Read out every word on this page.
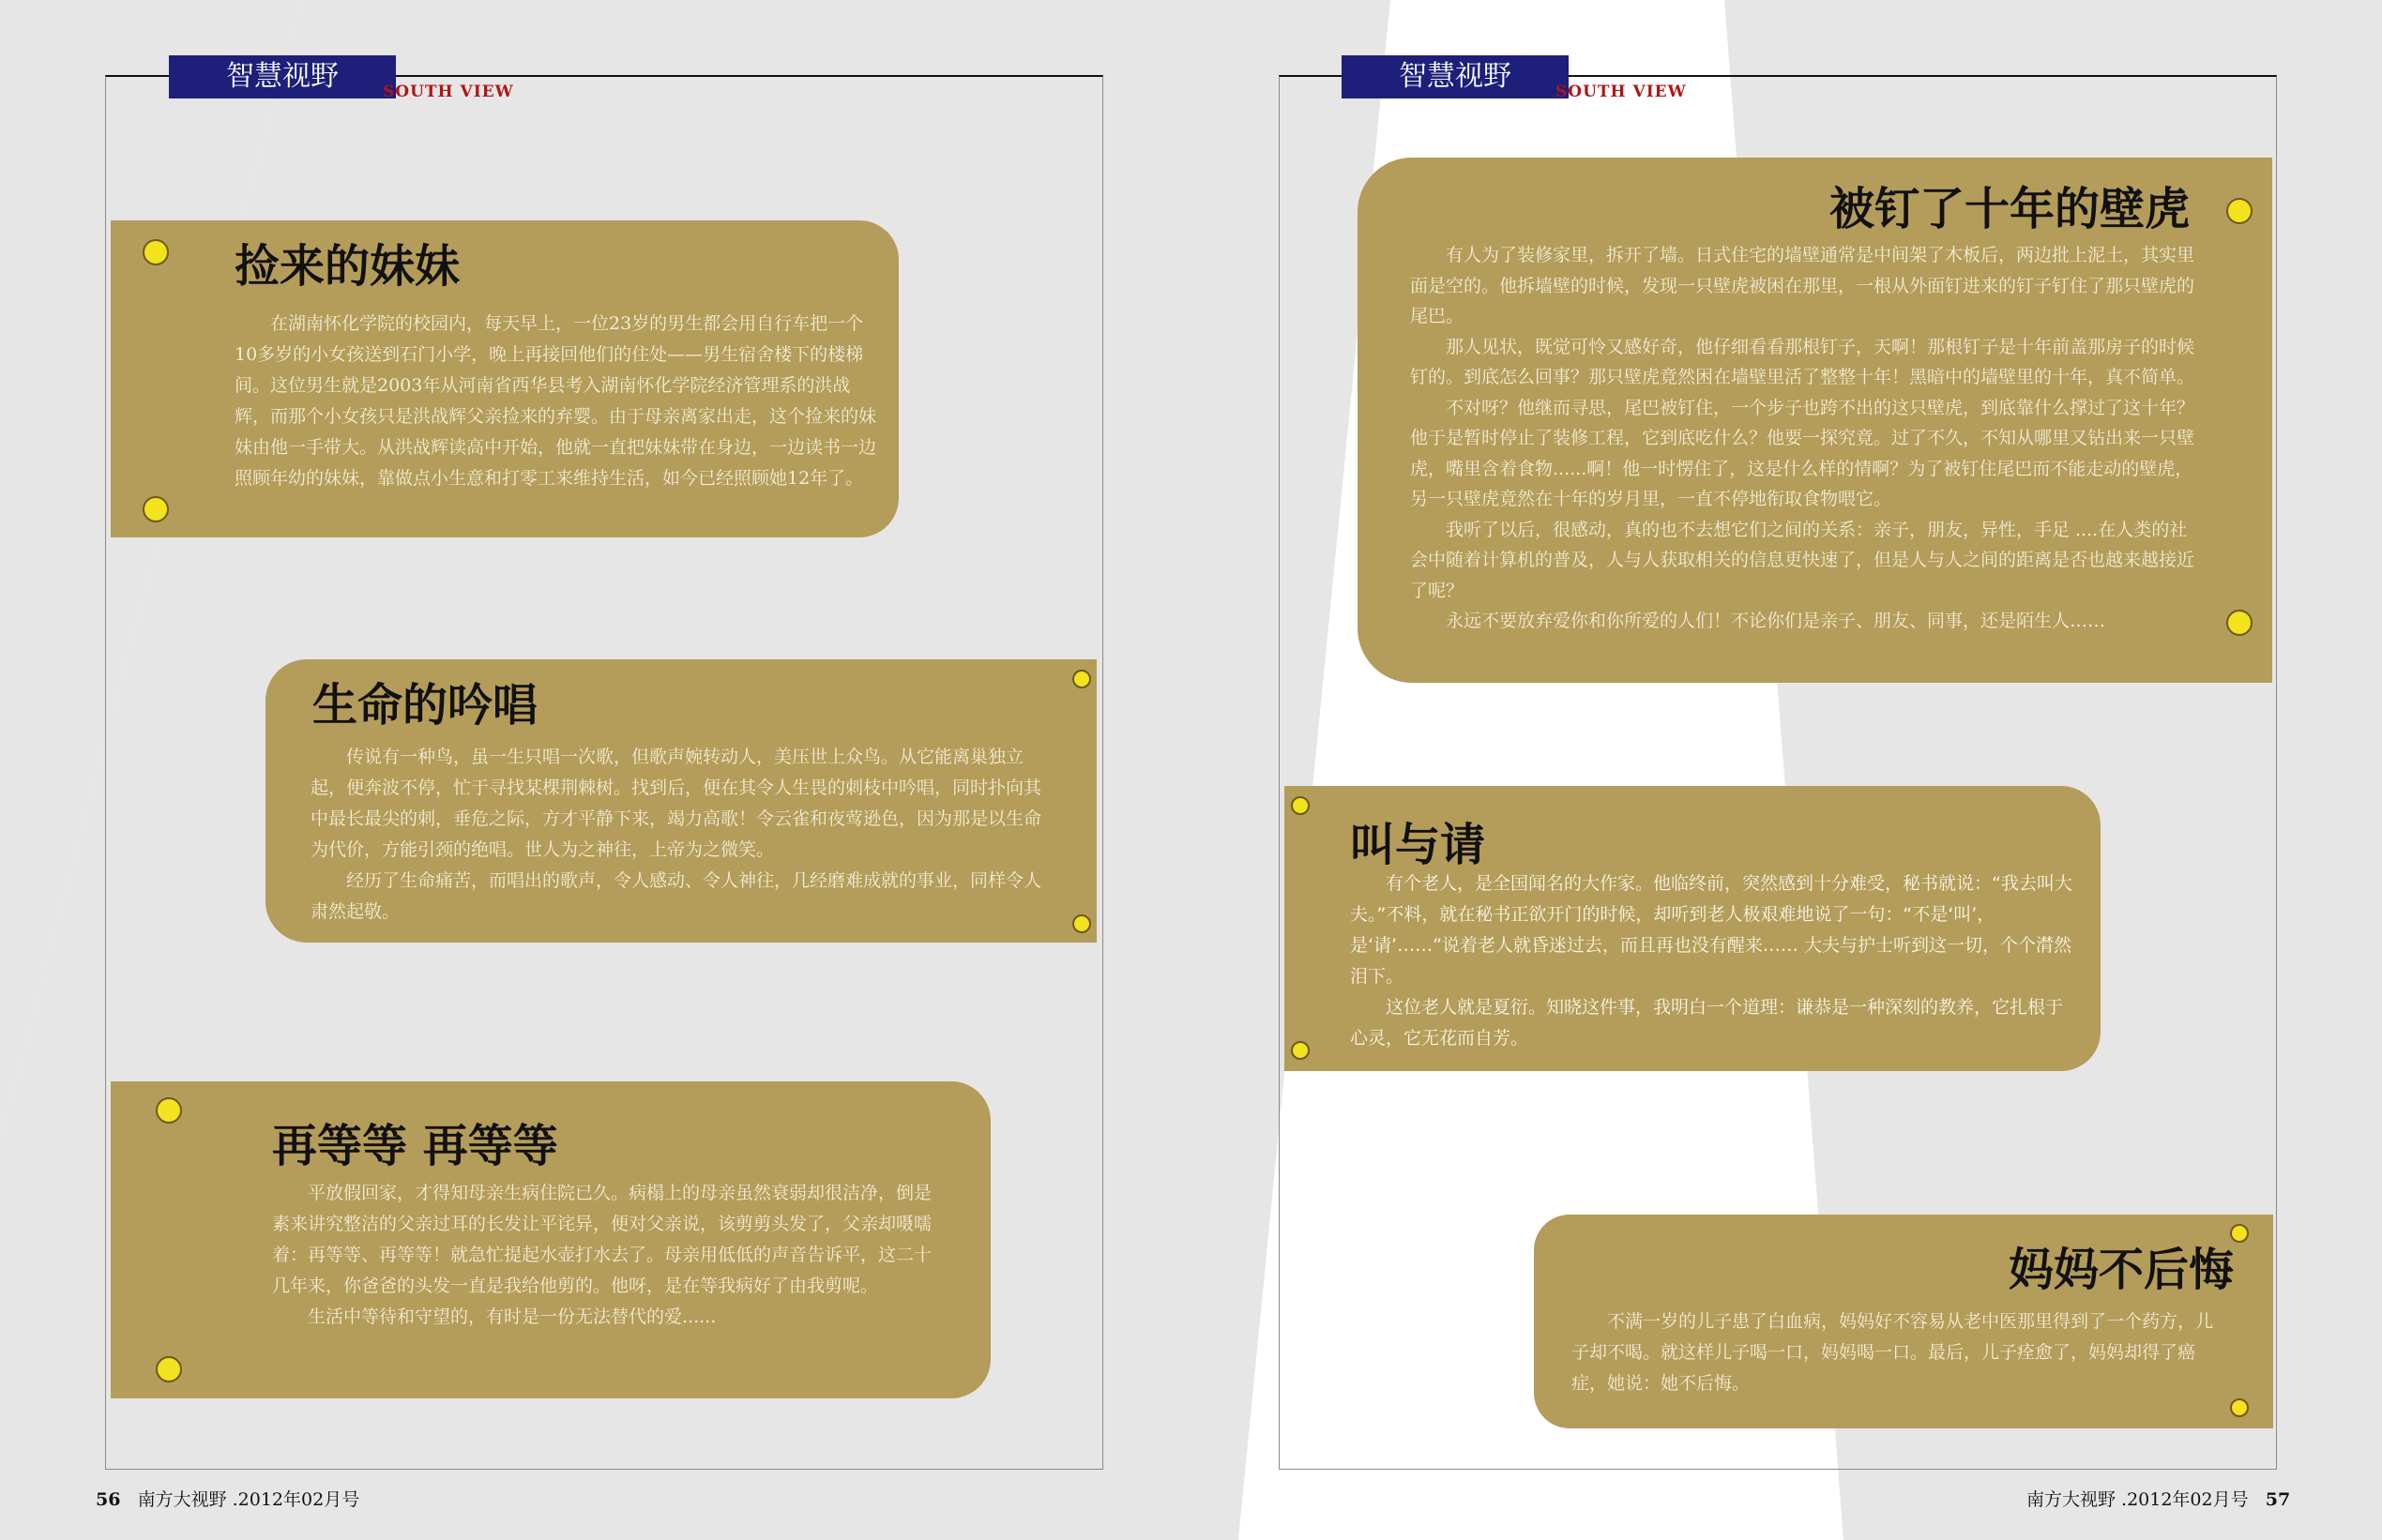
智慧视野	SOUTH VIEW
捡来的妹妹

在湖南怀化学院的校园内，每天早上，一位23岁的男生都会用自行车把一个10多岁的小女孩送到石门小学，晚上再接回他们的住处——男生宿舍楼下的楼梯间。这位男生就是2003年从河南省西华县考入湖南怀化学院经济管理系的洪战辉，而那个小女孩只是洪战辉父亲捡来的弃婴。由于母亲离家出走，这个捡来的妹妹由他一手带大。从洪战辉读高中开始，他就一直把妹妹带在身边，一边读书一边照顾年幼的妹妹，靠做点小生意和打零工来维持生活，如今已经照顾她12年了。

生命的吟唱

传说有一种鸟，虽一生只唱一次歌，但歌声婉转动人，美压世上众鸟。从它能离巢独立起，便奔波不停，忙于寻找某棵荆棘树。找到后，便在其令人生畏的刺枝中吟唱，同时扑向其中最长最尖的刺，垂危之际，方才平静下来，竭力高歌！令云雀和夜莺逊色，因为那是以生命为代价，方能引颈的绝唱。世人为之神往，上帝为之微笑。

经历了生命痛苦，而唱出的歌声，令人感动、令人神往，几经磨难成就的事业，同样令人肃然起敬。

再等等 再等等

平放假回家，才得知母亲生病住院已久。病榻上的母亲虽然衰弱却很洁净，倒是素来讲究整洁的父亲过耳的长发让平诧异，便对父亲说，该剪剪头发了，父亲却嗫嚅着：再等等、再等等！就急忙提起水壶打水去了。母亲用低低的声音告诉平，这二十几年来，你爸爸的头发一直是我给他剪的。他呀，是在等我病好了由我剪呢。

生活中等待和守望的，有时是一份无法替代的爱......

56 南方大视野 .2012年02月号
智慧视野	SOUTH VIEW
被钉了十年的壁虎

有人为了装修家里，拆开了墙。日式住宅的墙壁通常是中间架了木板后，两边批上泥土，其实里面是空的。他拆墙壁的时候，发现一只壁虎被困在那里，一根从外面钉进来的钉子钉住了那只壁虎的尾巴。

那人见状，既觉可怜又感好奇，他仔细看看那根钉子，天啊！那根钉子是十年前盖那房子的时候钉的。到底怎么回事？那只壁虎竟然困在墙壁里活了整整十年！黑暗中的墙壁里的十年，真不简单。

不对呀？他继而寻思，尾巴被钉住，一个步子也跨不出的这只壁虎，到底靠什么撑过了这十年？他于是暂时停止了装修工程，它到底吃什么？他要一探究竟。过了不久，不知从哪里又钻出来一只壁虎，嘴里含着食物......啊！他一时愣住了，这是什么样的情啊？为了被钉住尾巴而不能走动的壁虎，另一只壁虎竟然在十年的岁月里，一直不停地衔取食物喂它。

我听了以后，很感动，真的也不去想它们之间的关系：亲子，朋友，异性，手足 ....在人类的社会中随着计算机的普及，人与人获取相关的信息更快速了，但是人与人之间的距离是否也越来越接近了呢？

永远不要放弃爱你和你所爱的人们！不论你们是亲子、朋友、同事，还是陌生人……

叫与请

有个老人，是全国闻名的大作家。他临终前，突然感到十分难受，秘书就说：“我去叫大夫。”不料，就在秘书正欲开门的时候，却听到老人极艰难地说了一句：“不是‘叫’，是‘请’……”说着老人就昏迷过去，而且再也没有醒来…… 大夫与护士听到这一切，个个潸然泪下。

这位老人就是夏衍。知晓这件事，我明白一个道理：谦恭是一种深刻的教养，它扎根于心灵，它无花而自芳。

妈妈不后悔

不满一岁的儿子患了白血病，妈妈好不容易从老中医那里得到了一个药方，儿子却不喝。就这样儿子喝一口，妈妈喝一口。最后，儿子痊愈了，妈妈却得了癌症，她说：她不后悔。

南方大视野 .2012年02月号 57
